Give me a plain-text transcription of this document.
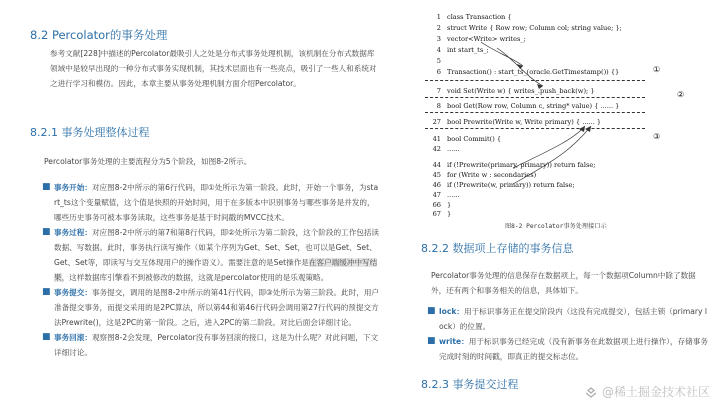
8.2 Percolator的事务处理
参考文献[228]中描述的Percolator最吸引人之处是分布式事务处理机制，该机制在分布式数据库领域中是较早出现的一种分布式事务实现机制，其技术层面也有一些亮点，吸引了一些人和系统对之进行学习和模仿。因此，本章主要从事务处理机制方面介绍Percolator。
8.2.1 事务处理整体过程
Percolator事务处理的主要流程分为5个阶段，如图8-2所示。
■ 事务开始：对应图8-2中所示的第6行代码，即①处所示为第一阶段。此时，开始一个事务，为start_ts这个变量赋值，这个值是快照的开始时间，用于在多版本中识别事务与哪些事务是并发的，哪些历史事务可被本事务读取，这些事务是基于时间戳的MVCC技术。
■ 事务过程：对应图8-2中所示的第7和第8行代码，即②处所示为第二阶段，这个阶段的工作包括读数据、写数据。此时，事务执行读写操作（如某个序列为Get、Set、Set，也可以是Get、Set、Get、Set等，即读写与交互体现用户的操作语义）。需要注意的是Set操作是在客户端缓冲中写结果，这样数据库引擎看不到被修改的数据，这就是percolator使用的是乐观策略。
■ 事务提交：事务提交，调用的是图8-2中所示的第41行代码，即③处所示为第三阶段。此时，用户准备提交事务，而提交采用的是2PC算法，所以第44和第46行代码会调用第27行代码的预提交方法Prewrite()，这是2PC的第一阶段。之后，进入2PC的第二阶段。对比后面会详细讨论。
■ 事务回滚：观察图8-2会发现，Percolator没有事务回滚的接口，这是为什么呢？对此问题，下文详细讨论。
1 class Transaction {
2 struct Write { Row row; Column col; string value; };
3 vector<Write> writes_;
4 int start_ts_;
5
6 Transaction() : start_ts_(oracle.GetTimestamp()) {}
7 void Set(Write w) { writes_.push_back(w); }
8 bool Get(Row row, Column c, string* value) { ...... }
27 bool Prewrite(Write w, Write primary) { ...... }
41 bool Commit() {
42 ......
44 if (!Prewrite(primary, primary)) return false;
45 for (Write w : secondaries)
46 if (!Prewrite(w, primary)) return false;
47 ......
66 }
①
②
③
67 }
图8-2 Percolator事务处理接口示
8.2.2 数据项上存储的事务信息
Percolator事务处理的信息保存在数据项上，每一个数据项Column中除了数据外，还有两个和事务相关的信息，具体如下。
■ lock：用于标识事务正在提交阶段内（这没有完成提交），包括主锁（primary lock）的位置。
■ write：用于标识事务已经完成（没有新事务在此数据项上进行操作），存储事务完成时刻的时间戳，即真正的提交标志位。
8.2.3 事务提交过程
@稀土掘金技术社区
